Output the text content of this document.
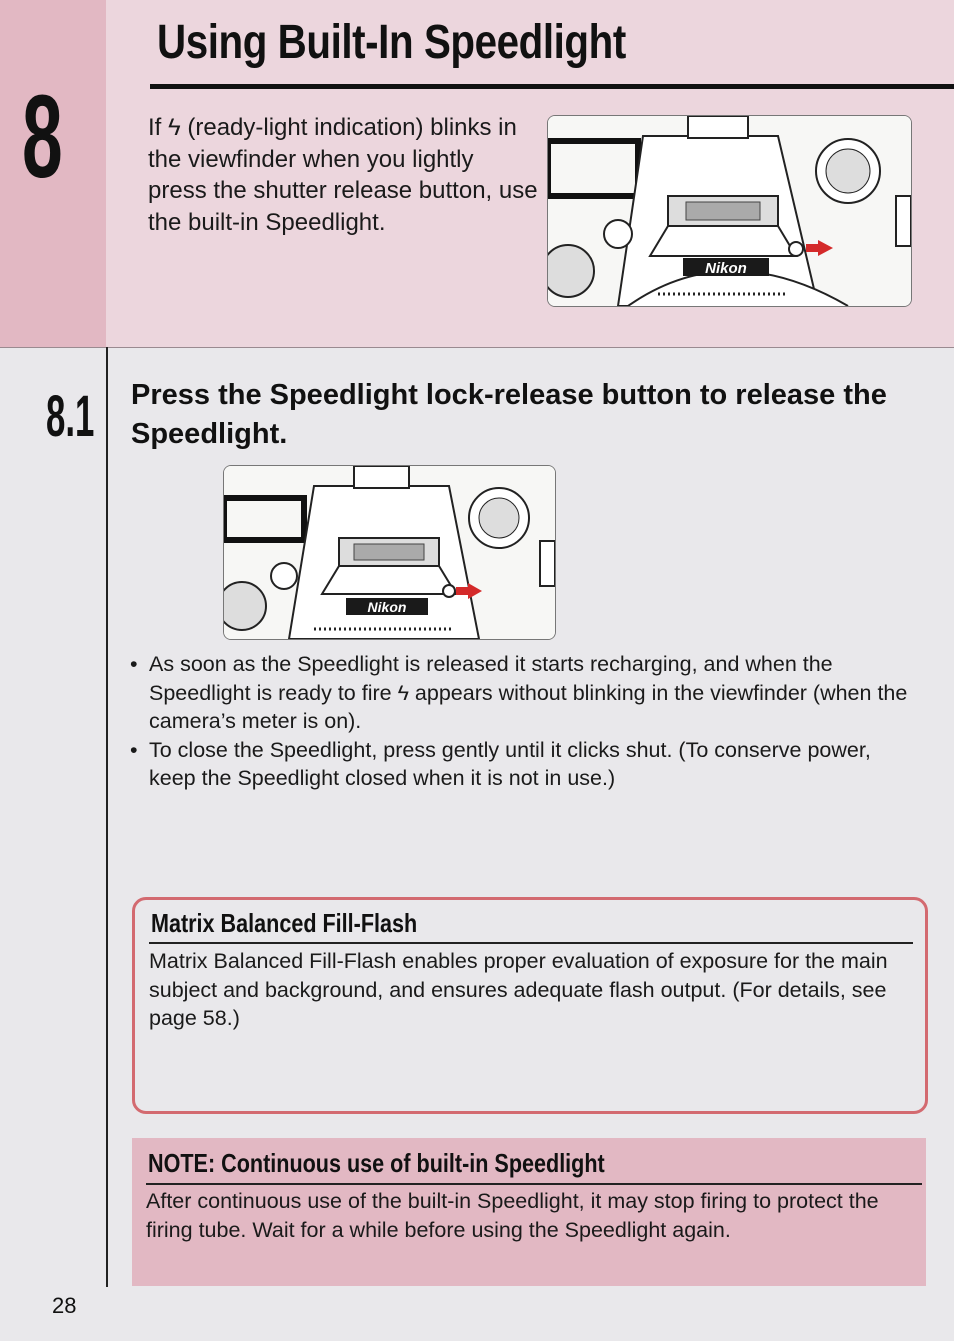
8
Using Built-In Speedlight

If ϟ (ready-light indication) blinks in the viewfinder when you lightly press the shutter release button, use the built-in Speedlight.

Nikon
8.1 Press the Speedlight lock-release button to release the Speedlight.
Nikon
• As soon as the Speedlight is released it starts recharging, and when the Speedlight is ready to fire ϟ appears without blinking in the viewfinder (when the camera’s meter is on).
• To close the Speedlight, press gently until it clicks shut. (To conserve power, keep the Speedlight closed when it is not in use.)
Matrix Balanced Fill-Flash

Matrix Balanced Fill-Flash enables proper evaluation of exposure for the main subject and background, and ensures adequate flash output. (For details, see page 58.)

NOTE: Continuous use of built-in Speedlight

After continuous use of the built-in Speedlight, it may stop firing to protect the firing tube. Wait for a while before using the Speedlight again.

28
